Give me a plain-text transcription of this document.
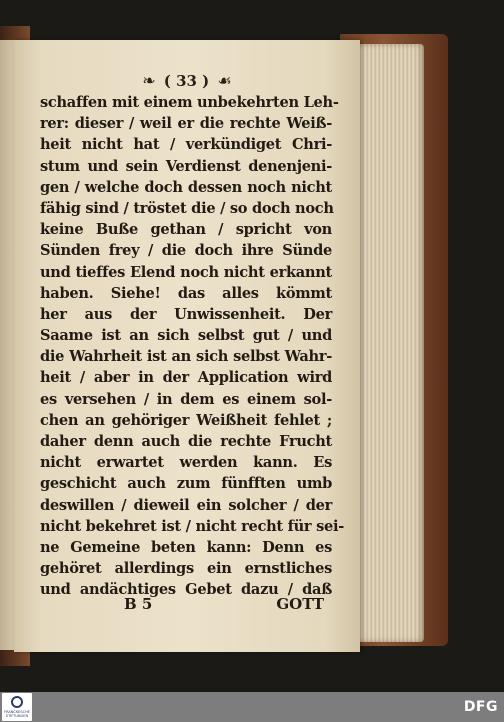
❧ ( 33 ) ☙
schaffen mit einem unbekehrten Leh-
rer: dieser / weil er die rechte Weiß-
heit nicht hat / verkündiget Chri-
stum und sein Verdienst denenjeni-
gen / welche doch dessen noch nicht
fähig sind / tröstet die / so doch noch
keine Buße gethan / spricht von
Sünden frey / die doch ihre Sünde
und tieffes Elend noch nicht erkannt
haben. Siehe! das alles kömmt
her aus der Unwissenheit. Der
Saame ist an sich selbst gut / und
die Wahrheit ist an sich selbst Wahr-
heit / aber in der Application wird
es versehen / in dem es einem sol-
chen an gehöriger Weißheit fehlet ;
daher denn auch die rechte Frucht
nicht erwartet werden kann. Es
geschicht auch zum fünfften umb
deswillen / dieweil ein solcher / der
nicht bekehret ist / nicht recht für sei-
ne Gemeine beten kann: Denn es
gehöret allerdings ein ernstliches
und andächtiges Gebet dazu / daß
B 5	GOTT
FRANCKESCHE STIFTUNGEN
DFG
